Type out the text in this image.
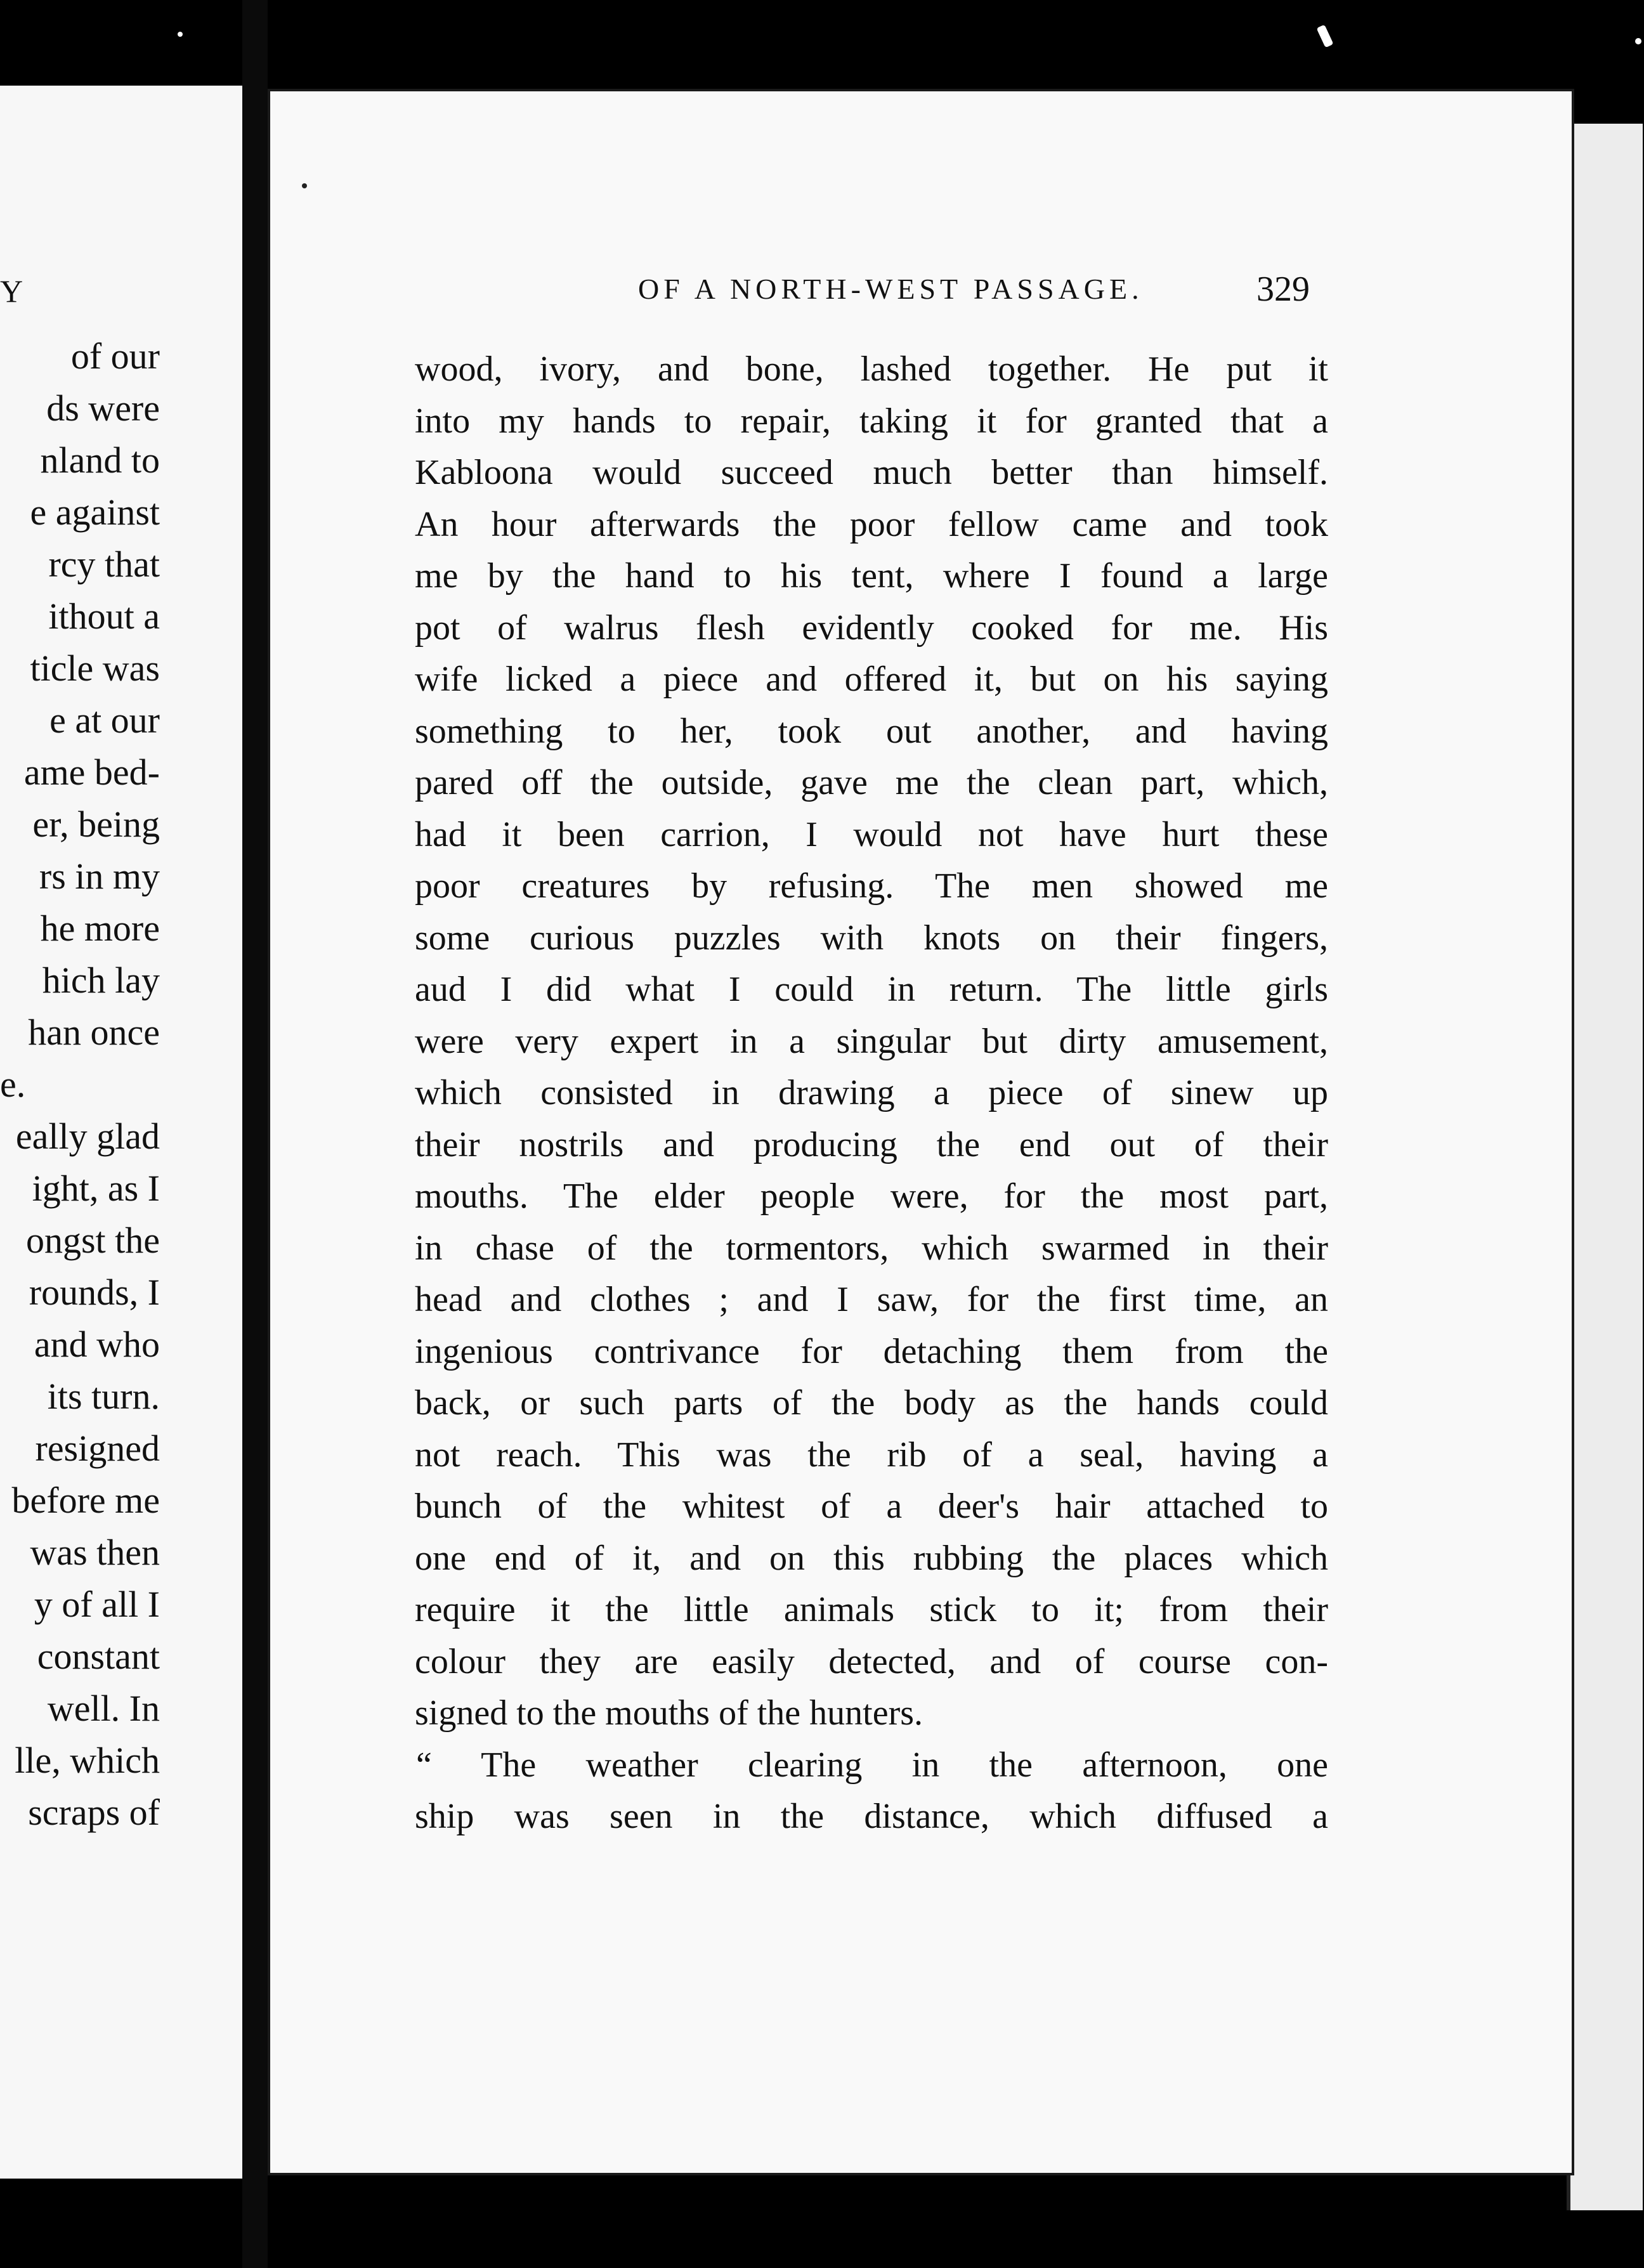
Y
of our
ds were
nland to
e against
rcy that
ithout a
ticle was
e at our
ame bed-
er, being
rs in my
he more
hich lay
han once
e.
eally glad
ight, as I
ongst the
rounds, I
and who
its turn.
resigned
before me
was then
y of all I
constant
well. In
lle, which
scraps of
OF A NORTH-WEST PASSAGE.	329
wood, ivory, and bone, lashed together. He put it
into my hands to repair, taking it for granted that a
Kabloona would succeed much better than himself.
An hour afterwards the poor fellow came and took
me by the hand to his tent, where I found a large
pot of walrus flesh evidently cooked for me. His
wife licked a piece and offered it, but on his saying
something to her, took out another, and having
pared off the outside, gave me the clean part, which,
had it been carrion, I would not have hurt these
poor creatures by refusing. The men showed me
some curious puzzles with knots on their fingers,
aud I did what I could in return. The little girls
were very expert in a singular but dirty amusement,
which consisted in drawing a piece of sinew up
their nostrils and producing the end out of their
mouths. The elder people were, for the most part,
in chase of the tormentors, which swarmed in their
head and clothes ; and I saw, for the first time, an
ingenious contrivance for detaching them from the
back, or such parts of the body as the hands could
not reach. This was the rib of a seal, having a
bunch of the whitest of a deer's hair attached to
one end of it, and on this rubbing the places which
require it the little animals stick to it; from their
colour they are easily detected, and of course con-
signed to the mouths of the hunters.
“ The weather clearing in the afternoon, one
ship was seen in the distance, which diffused a
